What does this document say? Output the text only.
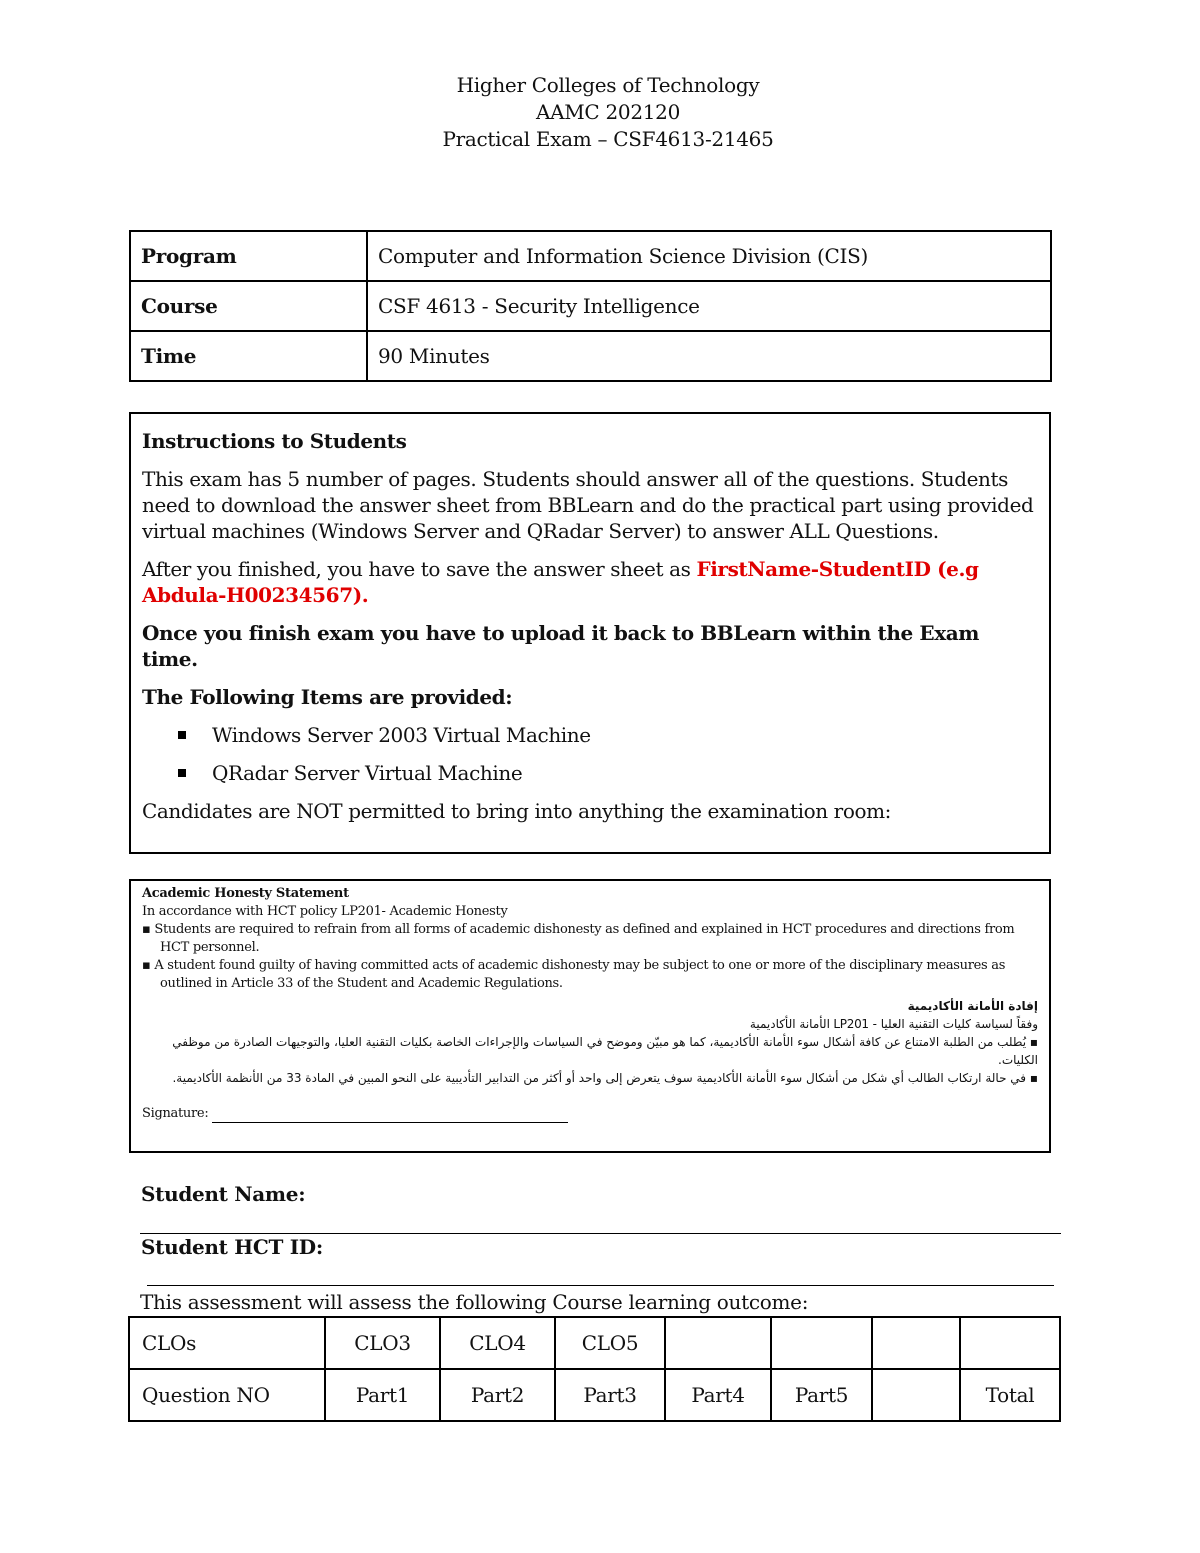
Higher Colleges of Technology
AAMC 202120
Practical Exam – CSF4613-21465
Program	Computer and Information Science Division (CIS)
Course	CSF 4613 - Security Intelligence
Time	90 Minutes

Instructions to Students

This exam has 5 number of pages. Students should answer all of the questions. Students need to download the answer sheet from BBLearn and do the practical part using provided virtual machines (Windows Server and QRadar Server) to answer ALL Questions.

After you finished, you have to save the answer sheet as FirstName-StudentID (e.g Abdula-H00234567).

Once you finish exam you have to upload it back to BBLearn within the Exam time.

The Following Items are provided:

Windows Server 2003 Virtual Machine

QRadar Server Virtual Machine

Candidates are NOT permitted to bring into anything the examination room:

Academic Honesty Statement
In accordance with HCT policy LP201- Academic Honesty
▪ Students are required to refrain from all forms of academic dishonesty as defined and explained in HCT procedures and directions from HCT personnel.
▪ A student found guilty of having committed acts of academic dishonesty may be subject to one or more of the disciplinary measures as outlined in Article 33 of the Student and Academic Regulations.
إفادة الأمانة الأكاديمية
وفقاً لسياسة كليات التقنية العليا - LP201 الأمانة الأكاديمية
▪ يُطلب من الطلبة الامتناع عن كافة أشكال سوء الأمانة الأكاديمية، كما هو مبيّن وموضح في السياسات والإجراءات الخاصة بكليات التقنية العليا، والتوجيهات الصادرة من موظفي الكليات.
▪ في حالة ارتكاب الطالب أي شكل من أشكال سوء الأمانة الأكاديمية سوف يتعرض إلى واحد أو أكثر من التدابير التأديبية على النحو المبين في المادة 33 من الأنظمة الأكاديمية.
Signature:
Student Name:
Student HCT ID:
This assessment will assess the following Course learning outcome:
CLOs	CLO3	CLO4	CLO5				
Question NO	Part1	Part2	Part3	Part4	Part5		Total
